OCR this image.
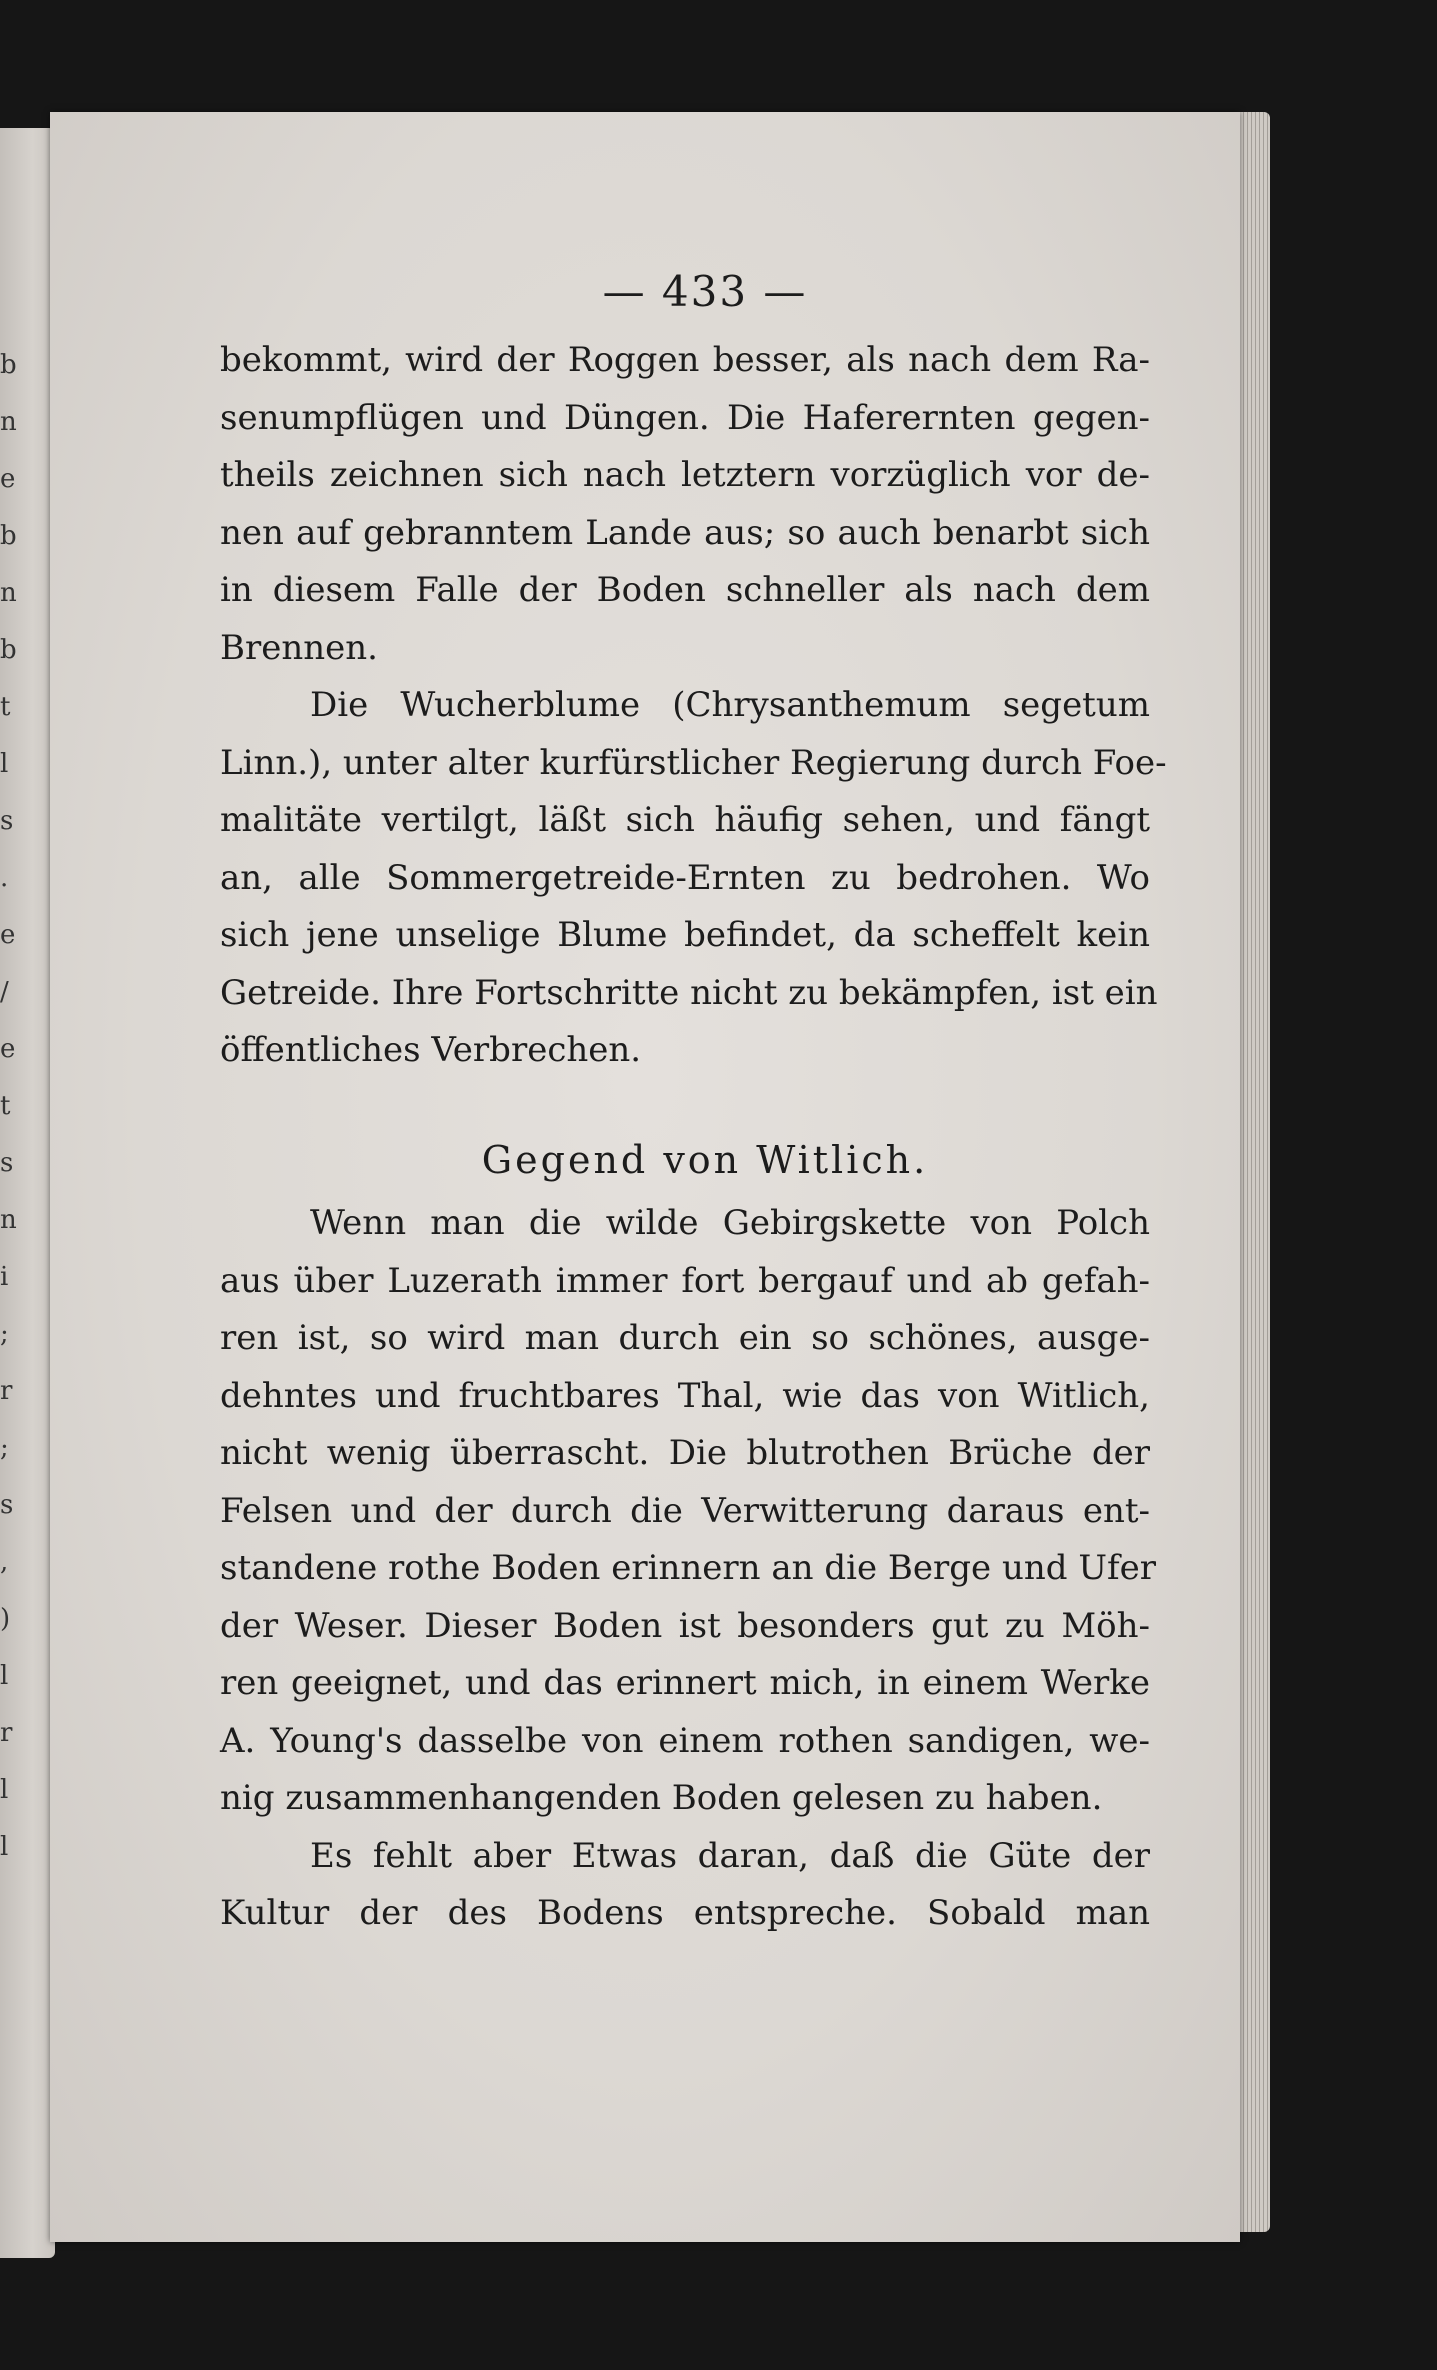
b
n
e
b
n
b
t
l
s
.
e
/
e
t
s
n
i
;
r
;
s
,
)
l
r
l
l
— 433 —

bekommt, wird der Roggen besser, als nach dem Ra-
senumpflügen und Düngen. Die Haferernten gegen-
theils zeichnen sich nach letztern vorzüglich vor de-
nen auf gebranntem Lande aus; so auch benarbt sich
in diesem Falle der Boden schneller als nach dem
Brennen.

Die Wucherblume (Chrysanthemum segetum
Linn.), unter alter kurfürstlicher Regierung durch Foe-
malitäte vertilgt, läßt sich häufig sehen, und fängt
an, alle Sommergetreide-Ernten zu bedrohen. Wo
sich jene unselige Blume befindet, da scheffelt kein
Getreide. Ihre Fortschritte nicht zu bekämpfen, ist ein
öffentliches Verbrechen.

Gegend von Witlich.

Wenn man die wilde Gebirgskette von Polch
aus über Luzerath immer fort bergauf und ab gefah-
ren ist, so wird man durch ein so schönes, ausge-
dehntes und fruchtbares Thal, wie das von Witlich,
nicht wenig überrascht. Die blutrothen Brüche der
Felsen und der durch die Verwitterung daraus ent-
standene rothe Boden erinnern an die Berge und Ufer
der Weser. Dieser Boden ist besonders gut zu Möh-
ren geeignet, und das erinnert mich, in einem Werke
A. Young's dasselbe von einem rothen sandigen, we-
nig zusammenhangenden Boden gelesen zu haben.

Es fehlt aber Etwas daran, daß die Güte der
Kultur der des Bodens entspreche. Sobald man
